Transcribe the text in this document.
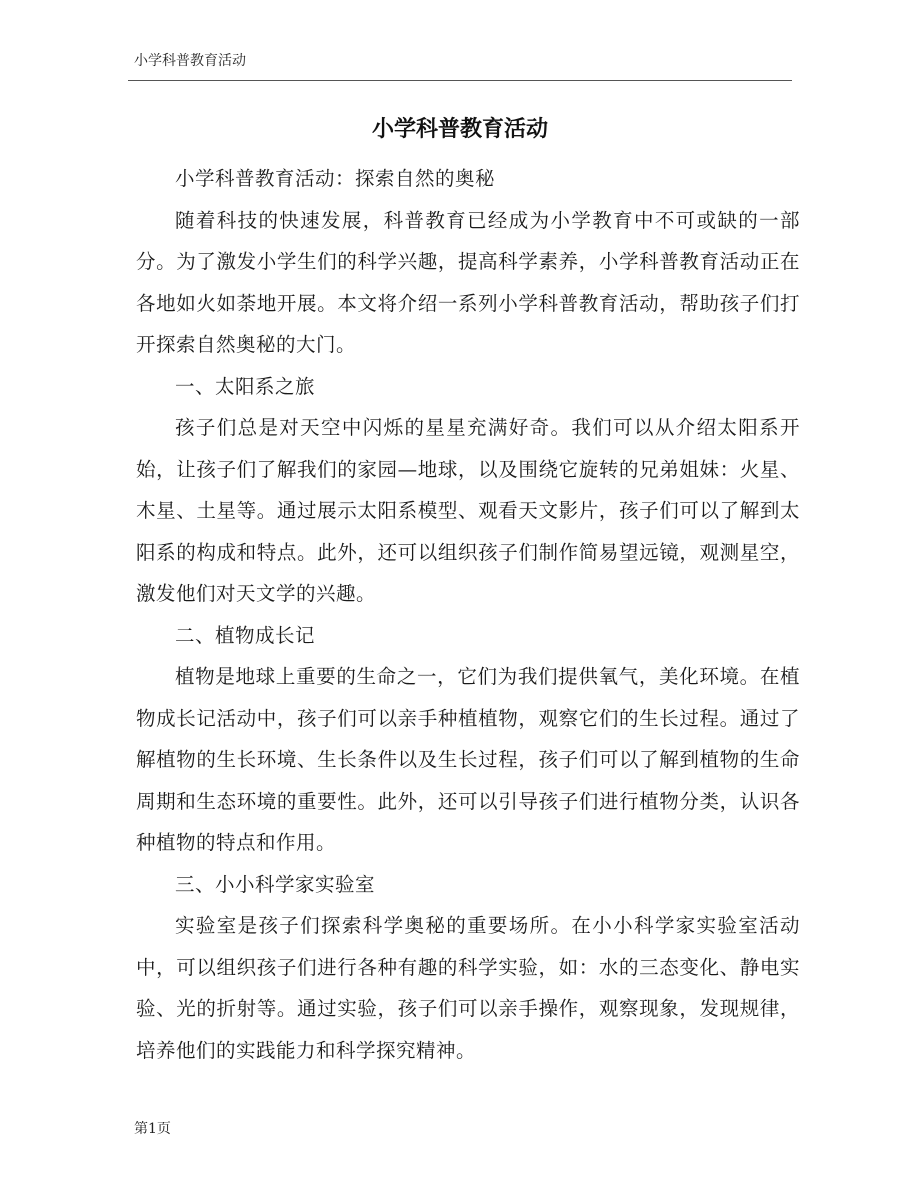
小学科普教育活动
小学科普教育活动

小学科普教育活动：探索自然的奥秘

随着科技的快速发展，科普教育已经成为小学教育中不可或缺的一部分。为了激发小学生们的科学兴趣，提高科学素养，小学科普教育活动正在各地如火如荼地开展。本文将介绍一系列小学科普教育活动，帮助孩子们打开探索自然奥秘的大门。

一、太阳系之旅

孩子们总是对天空中闪烁的星星充满好奇。我们可以从介绍太阳系开始，让孩子们了解我们的家园—地球，以及围绕它旋转的兄弟姐妹：火星、木星、土星等。通过展示太阳系模型、观看天文影片，孩子们可以了解到太阳系的构成和特点。此外，还可以组织孩子们制作简易望远镜，观测星空，激发他们对天文学的兴趣。

二、植物成长记

植物是地球上重要的生命之一，它们为我们提供氧气，美化环境。在植物成长记活动中，孩子们可以亲手种植植物，观察它们的生长过程。通过了解植物的生长环境、生长条件以及生长过程，孩子们可以了解到植物的生命周期和生态环境的重要性。此外，还可以引导孩子们进行植物分类，认识各种植物的特点和作用。

三、小小科学家实验室

实验室是孩子们探索科学奥秘的重要场所。在小小科学家实验室活动中，可以组织孩子们进行各种有趣的科学实验，如：水的三态变化、静电实验、光的折射等。通过实验，孩子们可以亲手操作，观察现象，发现规律，培养他们的实践能力和科学探究精神。

第1页
